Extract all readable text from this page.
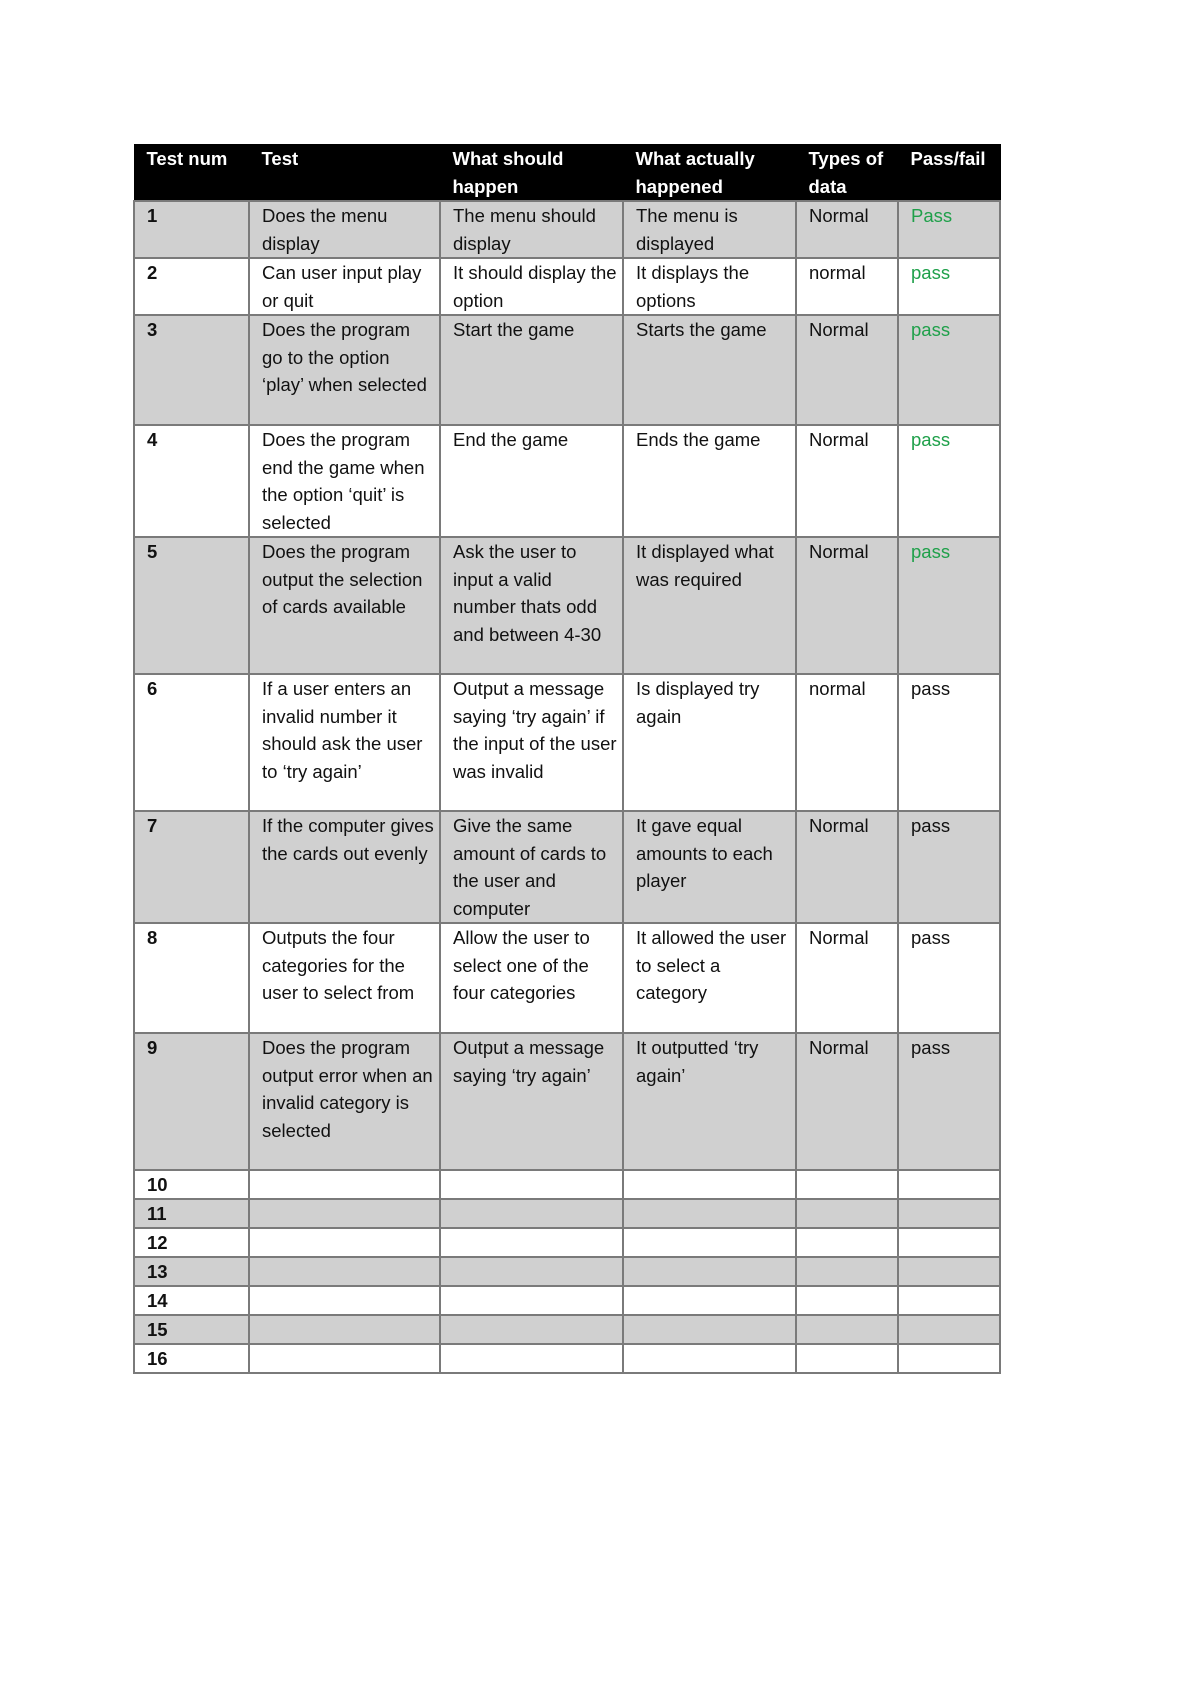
Test num	Test	What should happen	What actually happened	Types of data	Pass/fail
1	Does the menu display	The menu should display	The menu is displayed	Normal	Pass
2	Can user input play or quit	It should display the option	It displays the options	normal	pass
3	Does the program go to the option ‘play’ when selected	Start the game	Starts the game	Normal	pass
4	Does the program end the game when the option ‘quit’ is selected	End the game	Ends the game	Normal	pass
5	Does the program output the selection of cards available	Ask the user to input a valid number thats odd and between 4-30	It displayed what was required	Normal	pass
6	If a user enters an invalid number it should ask the user to ‘try again’	Output a message saying ‘try again’ if the input of the user was invalid	Is displayed try again	normal	pass
7	If the computer gives the cards out evenly	Give the same amount of cards to the user and computer	It gave equal amounts to each player	Normal	pass
8	Outputs the four categories for the user to select from	Allow the user to select one of the four categories	It allowed the user to select a category	Normal	pass
9	Does the program output error when an invalid category is selected	Output a message saying ‘try again’	It outputted ‘try again’	Normal	pass
10					
11					
12					
13					
14					
15					
16					
